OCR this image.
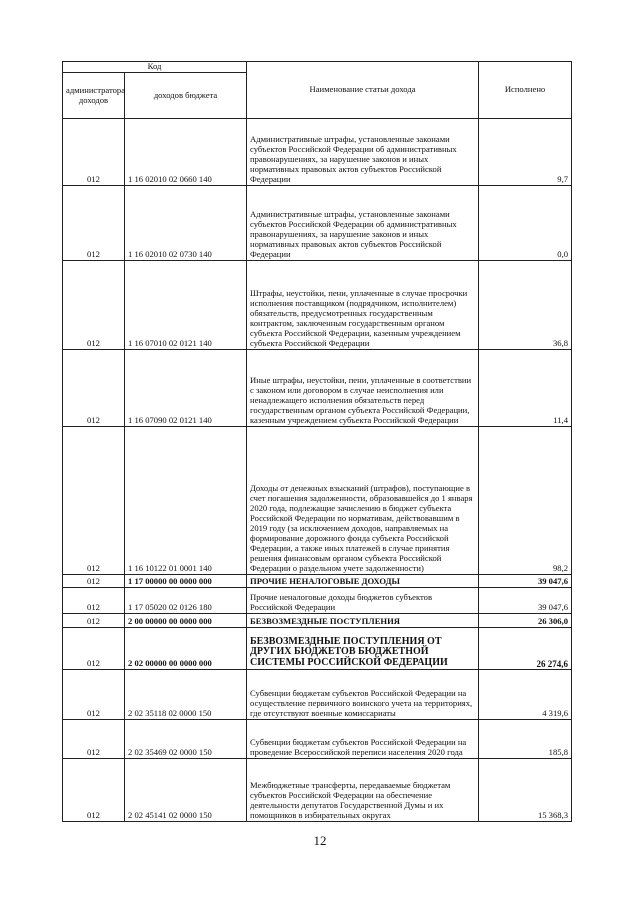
Код		Наименование статьи дохода	Исполнено
администратора доходов	доходов бюджета		
012	1 16 02010 02 0660 140	Административные штрафы, установленные законами субъектов Российской Федерации об административных правонарушениях, за нарушение законов и иных нормативных правовых актов субъектов Российской Федерации	9,7
012	1 16 02010 02 0730 140	Административные штрафы, установленные законами субъектов Российской Федерации об административных правонарушениях, за нарушение законов и иных нормативных правовых актов субъектов Российской Федерации	0,0
012	1 16 07010 02 0121 140	Штрафы, неустойки, пени, уплаченные в случае просрочки исполнения поставщиком (подрядчиком, исполнителем) обязательств, предусмотренных государственным контрактом, заключенным государственным органом субъекта Российской Федерации, казенным учреждением субъекта Российской Федерации	36,8
012	1 16 07090 02 0121 140	Иные штрафы, неустойки, пени, уплаченные в соответствии с законом или договором в случае неисполнения или ненадлежащего исполнения обязательств перед государственным органом субъекта Российской Федерации, казенным учреждением субъекта Российской Федерации	11,4
012	1 16 10122 01 0001 140	Доходы от денежных взысканий (штрафов), поступающие в счет погашения задолженности, образовавшейся до 1 января 2020 года, подлежащие зачислению в бюджет субъекта Российской Федерации по нормативам, действовавшим в 2019 году (за исключением доходов, направляемых на формирование дорожного фонда субъекта Российской Федерации, а также иных платежей в случае принятия решения финансовым органом субъекта Российской Федерации о раздельном учете задолженности)	98,2
012	1 17 00000 00 0000 000	ПРОЧИЕ НЕНАЛОГОВЫЕ ДОХОДЫ	39 047,6
012	1 17 05020 02 0126 180	Прочие неналоговые доходы бюджетов субъектов Российской Федерации	39 047,6
012	2 00 00000 00 0000 000	БЕЗВОЗМЕЗДНЫЕ ПОСТУПЛЕНИЯ	26 306,0
012	2 02 00000 00 0000 000	БЕЗВОЗМЕЗДНЫЕ ПОСТУПЛЕНИЯ ОТ ДРУГИХ БЮДЖЕТОВ БЮДЖЕТНОЙ СИСТЕМЫ РОССИЙСКОЙ ФЕДЕРАЦИИ	26 274,6
012	2 02 35118 02 0000 150	Субвенции бюджетам субъектов Российской Федерации на осуществление первичного воинского учета на территориях, где отсутствуют военные комиссариаты	4 319,6
012	2 02 35469 02 0000 150	Субвенции бюджетам субъектов Российской Федерации на проведение Всероссийской переписи населения 2020 года	185,8
012	2 02 45141 02 0000 150	Межбюджетные трансферты, передаваемые бюджетам субъектов Российской Федерации на обеспечение деятельности депутатов Государственной Думы и их помощников в избирательных округах	15 368,3
12
